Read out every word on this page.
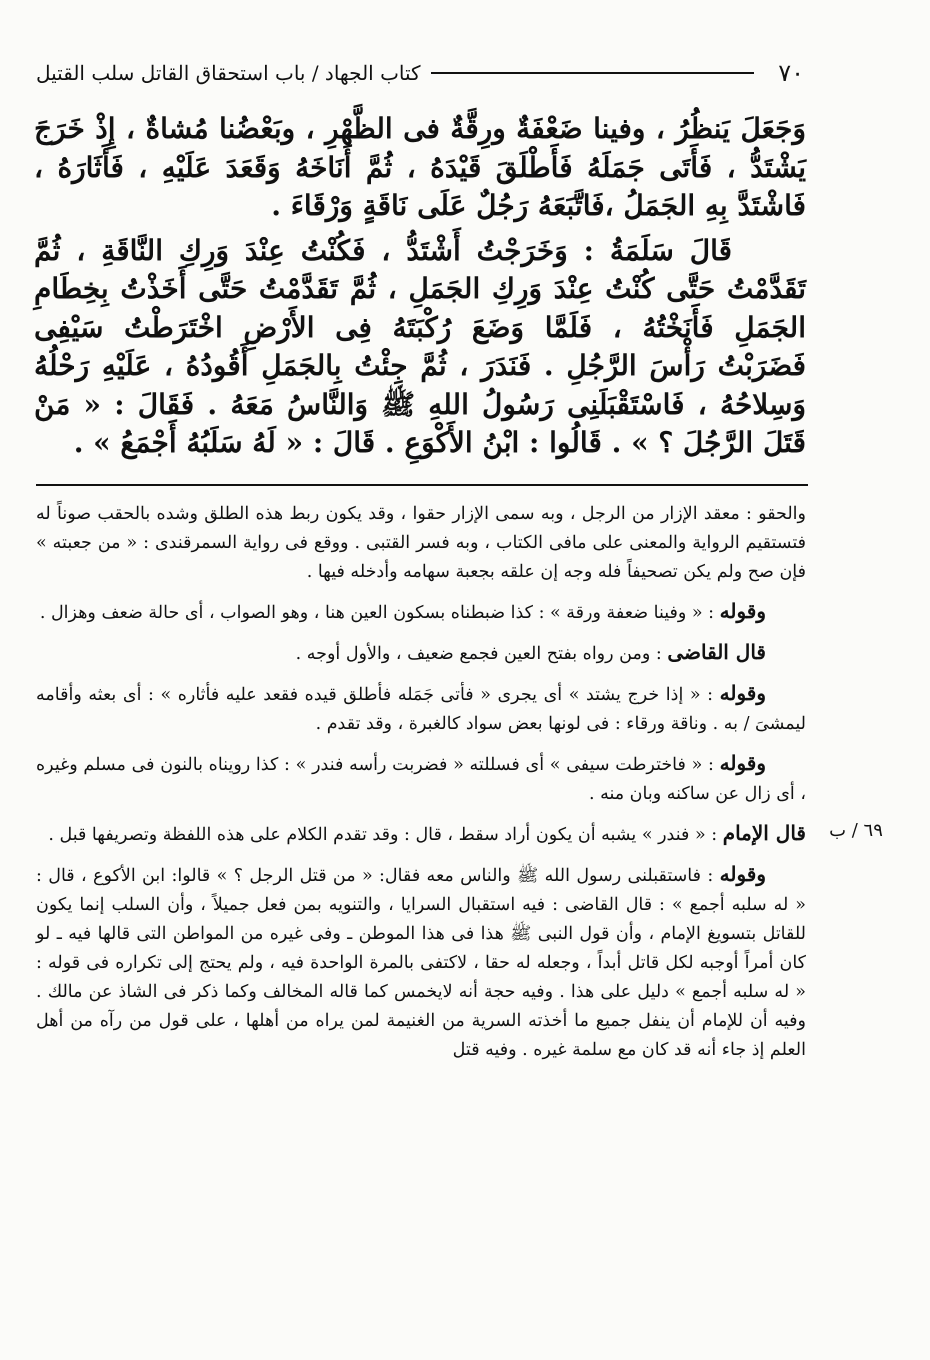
٧٠
كتاب الجهاد / باب استحقاق القاتل سلب القتيل

وَجَعَلَ يَنظُرُ ، وفينا ضَعْفَةٌ ورِقَّةٌ فى الظَّهْرِ ، وبَعْضُنا مُشاةٌ ، إِذْ خَرَجَ يَشْتَدُّ ، فَأَتَى جَمَلَهُ فَأَطْلَقَ قَيْدَهُ ، ثُمَّ أَنَاخَهُ وَقَعَدَ عَلَيْهِ ، فَأَثَارَهُ ، فَاشْتَدَّ بِهِ الجَمَلُ ،فَاتَّبَعَهُ رَجُلٌ عَلَى نَاقَةٍ وَرْقَاءَ .

قَالَ سَلَمَةُ : وَخَرَجْتُ أَشْتَدُّ ، فَكُنْتُ عِنْدَ وَرِكِ النَّاقَةِ ، ثُمَّ تَقَدَّمْتُ حَتَّى كُنْتُ عِنْدَ وَرِكِ الجَمَلِ ، ثُمَّ تَقَدَّمْتُ حَتَّى أَخَذْتُ بِخِطَامِ الجَمَلِ فَأَنَخْتُهُ ، فَلَمَّا وَضَعَ رُكْبَتَهُ فِى الأَرْضِ اخْتَرَطْتُ سَيْفِى فَضَرَبْتُ رَأْسَ الرَّجُلِ . فَنَدَرَ ، ثُمَّ جِئْتُ بِالجَمَلِ أَقُودُهُ ، عَلَيْهِ رَحْلُهُ وَسِلاحُهُ ، فَاسْتَقْبَلَنِى رَسُولُ اللهِ ﷺ وَالنَّاسُ مَعَهُ . فَقَالَ : « مَنْ قَتَلَ الرَّجُلَ ؟ » . قَالُوا : ابْنُ الأَكْوَعِ . قَالَ : « لَهُ سَلَبُهُ أَجْمَعُ » .

٦٩ / ب

والحقو : معقد الإزار من الرجل ، وبه سمى الإزار حقوا ، وقد يكون ربط هذه الطلق وشده بالحقب صوناً له فتستقيم الرواية والمعنى على مافى الكتاب ، وبه فسر القتبى . ووقع فى رواية السمرقندى : « من جعبته » فإن صح ولم يكن تصحيفاً فله وجه إن علقه بجعبة سهامه وأدخله فيها .

وقوله : « وفينا ضعفة ورقة » : كذا ضبطناه بسكون العين هنا ، وهو الصواب ، أى حالة ضعف وهزال .

قال القاضى : ومن رواه بفتح العين فجمع ضعيف ، والأول أوجه .

وقوله : « إذا خرج يشتد » أى يجرى « فأتى جَمَله فأطلق قيده فقعد عليه فأثاره » : أى بعثه وأقامه ليمشىَ / به . وناقة ورقاء : فى لونها بعض سواد كالغبرة ، وقد تقدم .

وقوله : « فاخترطت سيفى » أى فسللته « فضربت رأسه فندر » : كذا رويناه بالنون فى مسلم وغيره ، أى زال عن ساكنه وبان منه .

قال الإمام : « فندر » يشبه أن يكون أراد سقط ، قال : وقد تقدم الكلام على هذه اللفظة وتصريفها قبل .

وقوله : فاستقبلنى رسول الله ﷺ والناس معه فقال: « من قتل الرجل ؟ » قالوا: ابن الأكوع ، قال : « له سلبه أجمع » : قال القاضى : فيه استقبال السرايا ، والتنويه بمن فعل جميلاً ، وأن السلب إنما يكون للقاتل بتسويغ الإمام ، وأن قول النبى ﷺ هذا فى هذا الموطن ـ وفى غيره من المواطن التى قالها فيه ـ لو كان أمراً أوجبه لكل قاتل أبداً ، وجعله له حقا ، لاكتفى بالمرة الواحدة فيه ، ولم يحتج إلى تكراره فى قوله : « له سلبه أجمع » دليل على هذا . وفيه حجة أنه لايخمس كما قاله المخالف وكما ذكر فى الشاذ عن مالك . وفيه أن للإمام أن ينفل جميع ما أخذته السرية من الغنيمة لمن يراه من أهلها ، على قول من رآه من أهل العلم إذ جاء أنه قد كان مع سلمة غيره . وفيه قتل
